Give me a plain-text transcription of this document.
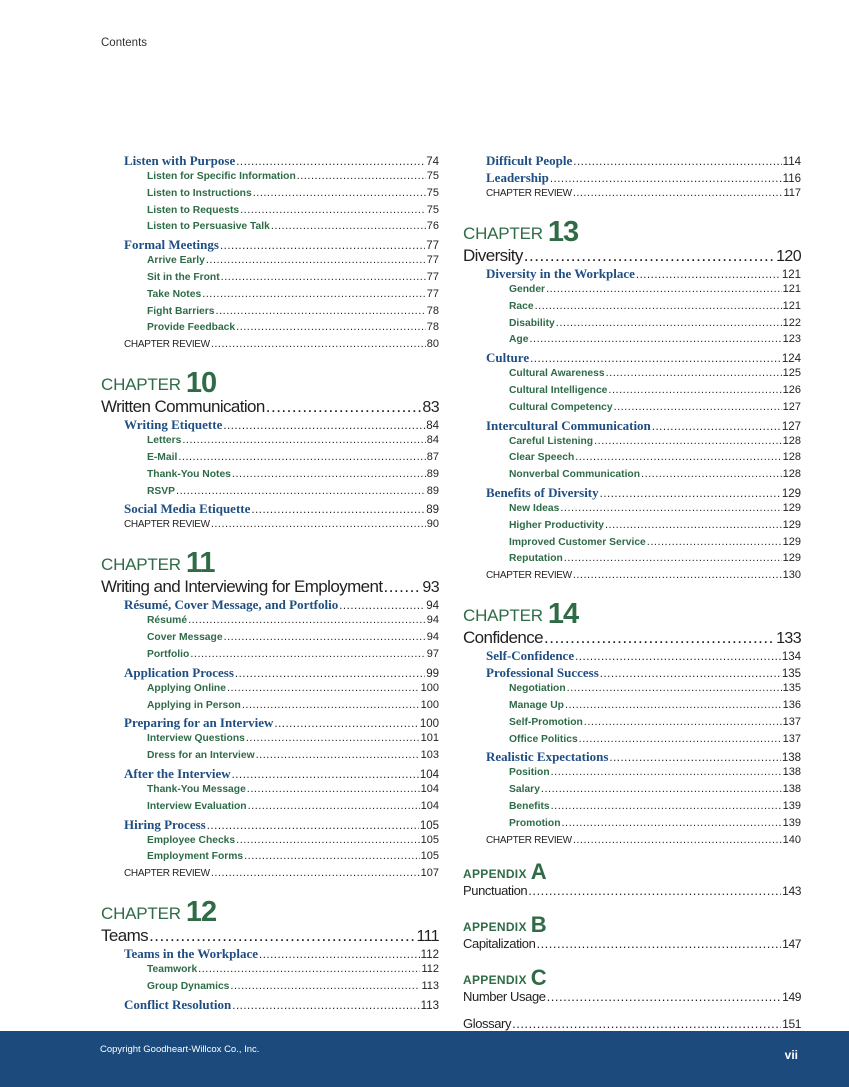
Contents
Listen with Purpose .....	74
Listen for Specific Information .....	75
Listen to Instructions .....	75
Listen to Requests .....	75
Listen to Persuasive Talk .....	76
Formal Meetings .....	77
Arrive Early .....	77
Sit in the Front .....	77
Take Notes .....	77
Fight Barriers .....	78
Provide Feedback .....	78
CHAPTER REVIEW .....	80
CHAPTER 10
Written Communication .....	83
Writing Etiquette .....	84
Letters .....	84
E-Mail .....	87
Thank-You Notes .....	89
RSVP .....	89
Social Media Etiquette .....	89
CHAPTER REVIEW .....	90
CHAPTER 11
Writing and Interviewing for Employment ..... 93
Résumé, Cover Message, and Portfolio .....	94
Résumé .....	94
Cover Message .....	94
Portfolio .....	97
Application Process .....	99
Applying Online .....	100
Applying in Person .....	100
Preparing for an Interview .....	100
Interview Questions .....	101
Dress for an Interview .....	103
After the Interview .....	104
Thank-You Message .....	104
Interview Evaluation .....	104
Hiring Process .....	105
Employee Checks .....	105
Employment Forms .....	105
CHAPTER REVIEW .....	107
CHAPTER 12
Teams .....	111
Teams in the Workplace .....	112
Teamwork .....	112
Group Dynamics .....	113
Conflict Resolution .....	113
Difficult People .....	114
Leadership .....	116
CHAPTER REVIEW .....	117
CHAPTER 13
Diversity .....	120
Diversity in the Workplace .....	121
Gender .....	121
Race .....	121
Disability .....	122
Age .....	123
Culture .....	124
Cultural Awareness .....	125
Cultural Intelligence .....	126
Cultural Competency .....	127
Intercultural Communication .....	127
Careful Listening .....	128
Clear Speech .....	128
Nonverbal Communication .....	128
Benefits of Diversity .....	129
New Ideas .....	129
Higher Productivity .....	129
Improved Customer Service .....	129
Reputation .....	129
CHAPTER REVIEW .....	130
CHAPTER 14
Confidence .....	133
Self-Confidence .....	134
Professional Success .....	135
Negotiation .....	135
Manage Up .....	136
Self-Promotion .....	137
Office Politics .....	137
Realistic Expectations .....	138
Position .....	138
Salary .....	138
Benefits .....	139
Promotion .....	139
CHAPTER REVIEW .....	140
APPENDIX A
Punctuation .....	143
APPENDIX B
Capitalization .....	147
APPENDIX C
Number Usage .....	149
Glossary .....	151
.....
Copyright Goodheart-Willcox Co., Inc.	vii
